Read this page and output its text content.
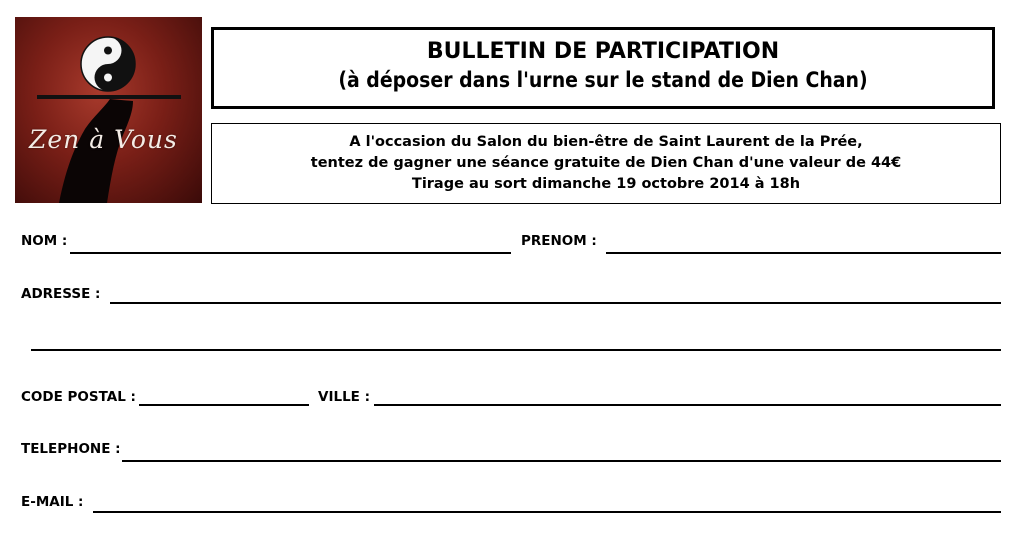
Zen à Vous
BULLETIN DE PARTICIPATION
(à déposer dans l'urne sur le stand de Dien Chan)
A l'occasion du Salon du bien-être de Saint Laurent de la Prée,
tentez de gagner une séance gratuite de Dien Chan d'une valeur de 44€
Tirage au sort dimanche 19 octobre 2014 à 18h
NOM :	PRENOM :
ADRESSE :
CODE POSTAL :	VILLE :
TELEPHONE :
E-MAIL :
